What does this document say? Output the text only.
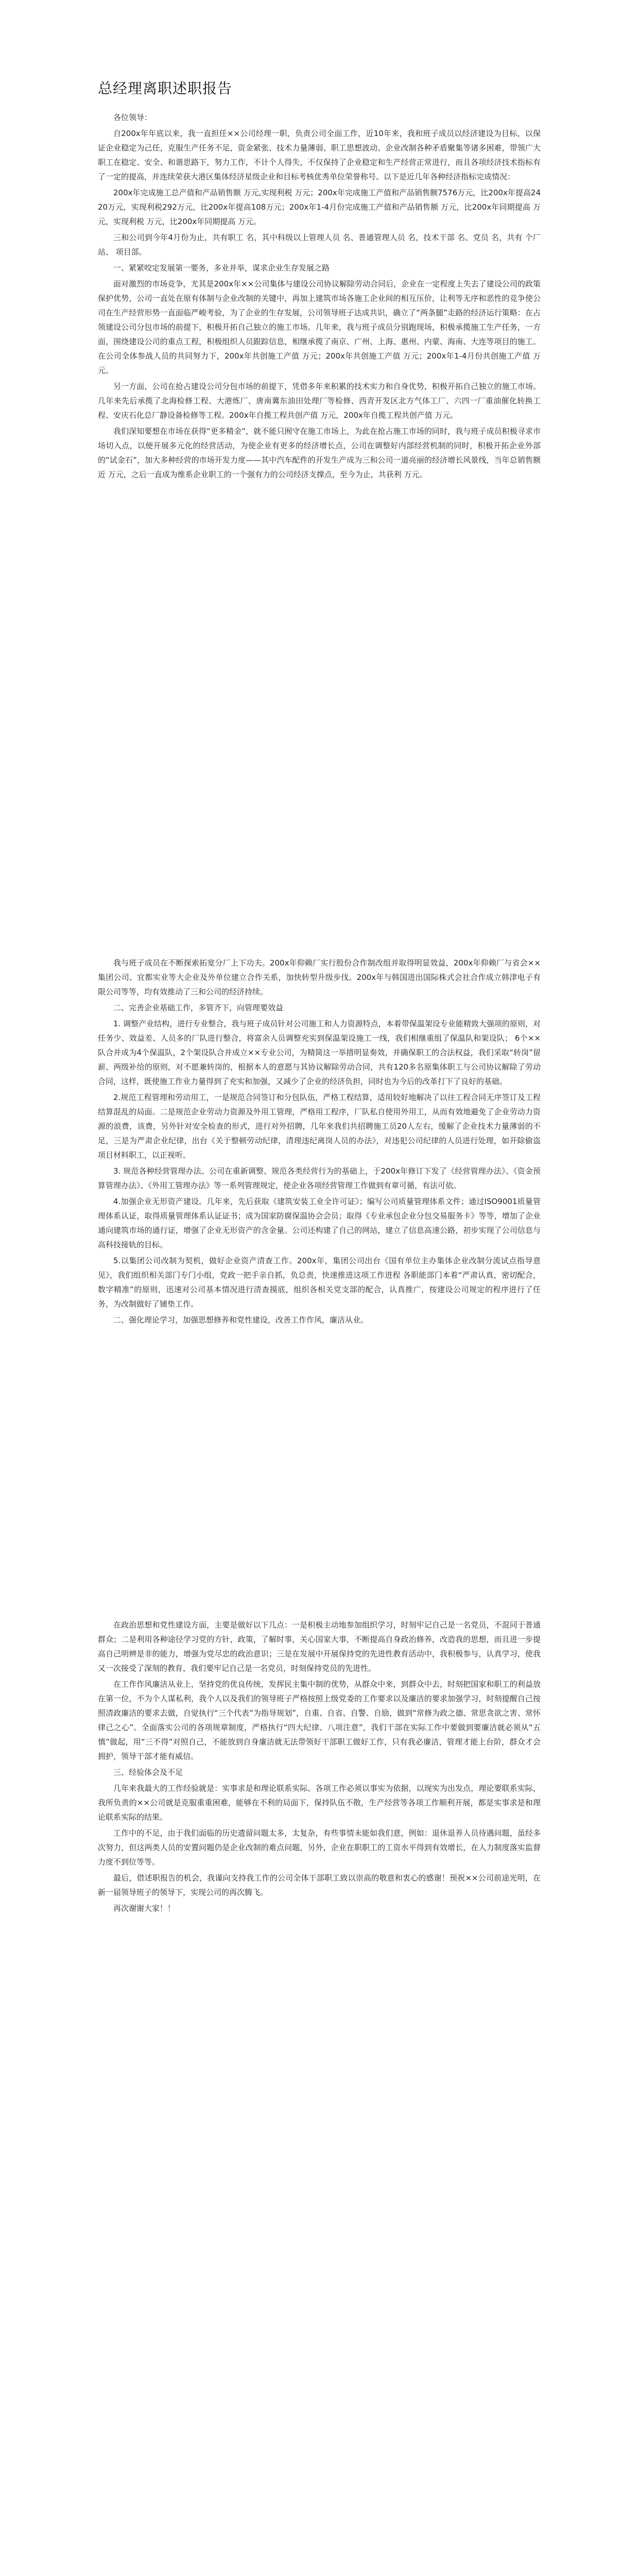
总经理离职述职报告

各位领导：

自200x年年底以来，我一直担任××公司经理一职，负责公司全面工作，近10年来，我和班子成员以经济建设为目标，以保证企业稳定为己任，克服生产任务不足，资金紧张、技术力量薄弱、职工思想波动、企业改制各种矛盾聚集等诸多困难，带领广大职工在稳定、安全、和谐思路下，努力工作，不计个人得失，不仅保持了企业稳定和生产经营正常进行，而且各项经济技术指标有了一定的提高，并连续荣获大港区集体经济星级企业和目标考核优秀单位荣誉称号。以下是近几年各种经济指标完成情况：

200x年完成施工总产值和产品销售额 万元,实现利税 万元；200x年完成施工产值和产品销售额7576万元，比200x年提高2420万元，实现利税292万元，比200x年提高108万元；200x年1-4月份完成施工产值和产品销售额 万元，比200x年同期提高 万元，实现利税 万元，比200x年同期提高 万元。

三和公司到今年4月份为止，共有职工 名，其中科级以上管理人员 名、普通管理人员 名，技术干部 名、党员 名，共有 个厂站、 项目部。

一、紧紧咬定发展第一要务，多业并举，谋求企业生存发展之路

面对激烈的市场竞争，尤其是200x年××公司集体与建设公司协议解除劳动合同后，企业在一定程度上失去了建设公司的政策保护优势，公司一直处在原有体制与企业改制的关键中，再加上建筑市场各施工企业间的相互压价，让利等无序和恶性的竞争使公司在生产经营形势一直面临严峻考验，为了企业的生存发展，公司领导班子达成共识，确立了“两条腿”走路的经济运行策略：在占领建设公司分包市场的前提下，积极开拓自己独立的施工市场。几年来，我与班子成员分别跑现场，积极承揽施工生产任务，一方面，围绕建设公司的重点工程，积极组织人员跟踪信息，相继承揽了南京、广州、上海、惠州、内蒙、海南、大连等项目的施工。在公司全体参战人员的共同努力下，200x年共创施工产值 万元；200x年共创施工产值 万元；200x年1-4月份共创施工产值 万元。

另一方面，公司在抢占建设公司分包市场的前提下，凭借多年来积累的技术实力和自身优势，积极开拓自己独立的施工市场。几年来先后承揽了北海检修工程、大港炼厂、唐南冀东油田处理厂等检修、西青开发区北方气体工厂、六四一厂重油催化转换工程、安庆石化总厂静设备检修等工程。200x年自揽工程共创产值 万元，200x年自揽工程共创产值 万元。

我们深知要想在市场在获得“更多精金”，就不能只囿守在施工市场上，为此在抢占施工市场的同时，我与班子成员积极寻求市场切入点，以便开展多元化的经营活动，为使企业有更多的经济增长点，公司在调整好内部经营机制的同时，积极开拓企业外部的“试金石”，加大多种经营的市场开发力度——其中汽车配件的开发生产成为三和公司一道亮丽的经济增长风景线，当年总销售额近 万元，之后一直成为维系企业职工的一个强有力的公司经济支撑点，至今为止，共获利 万元。

我与班子成员在不断探索拓宽分厂上下功夫。200x年仰赖厂实行股份合作制改组并取得明显效益，200x年仰赖厂与省会××集团公司、宜都实业等大企业及外单位建立合作关系，加快转型升级步伐。200x年与韩国进出国际株式会社合作成立韩津电子有限公司等等，均有效推动了三和公司的经济持续。

二、完善企业基础工作，多管齐下，向管理要效益

1. 调整产业结构，进行专业整合，我与班子成员针对公司施工和人力资源特点，本着带保温架设专业能精致大强项的原则，对任务少、效益差、人员多的厂队进行整合，将富余人员调整充实到保温架设施工一线，我们相继重组了保温队和架设队； 6个××队合并成为4个保温队，2个架设队合并成立××专业公司，为精简这一举措明显奏效，并确保职工的合法权益，我们采取“转岗”留薪、两级补给的原则，对不愿兼转岗的，根据本人的意愿与其协议解除劳动合同，共有120多名原集体职工与公司协议解除了劳动合同，这样，既使施工作业力量得到了充实和加强，又减少了企业的经济负担，同时也为今后的改革打下了良好的基础。

2.规范工程管理和劳动用工，一是规范合同签订和分包队伍，严格工程结算，适用较好地解决了以往工程合同无序签订及工程结算混乱的局面。二是规范企业劳动力资源及外用工管理，严格用工程序，厂队私自使用外用工，从而有效地避免了企业劳动力资源的浪费，该费，另外针对安全检查的形式，进行对外招聘，几年来我们共招聘施工员20人左右，缓解了企业技术力量薄弱的不足，三是为严肃企业纪律，出台《关于整顿劳动纪律，清理违纪离岗人员的办法》，对违犯公司纪律的人员进行处理，如开除偷盗项目材料职工，以正视听。

3. 规范各种经营管理办法。公司在重新调整、规范各类经营行为的基础上，于200x年修订下发了《经营管理办法》、《资金预算管理办法》、《外用工管理办法》等一系列管理规定，使企业各项经营管理工作做到有章可循，有法可依。

4.加强企业无形资产建设。几年来，先后获取《建筑安装工业全许可证》；编写公司质量管理体系文件；通过ISO9001质量管理体系认证，取得质量管理体系认证证书；成为国家防腐保温协会会员；取得《专业承包企业分包交易服务卡》等等，增加了企业通向建筑市场的通行证，增强了企业无形资产的含金量。公司还构建了自己的网站，建立了信息高速公路，初步实现了公司信息与高科技接轨的目标。

5.以集团公司改制为契机，做好企业资产清查工作。200x年，集团公司出台《国有单位主办集体企业改制分流试点指导意见》，我们组织相关部门专门小组，党政一把手亲自抓，负总责，快速推进这项工作进程 各职能部门本着“严肃认真，密切配合，数字精准”的原则，迅速对公司基本情况进行清查摸底，组织各相关党支部的配合，认真推广，按建设公司规定的程序进行了任务，为改制做好了铺垫工作。

二、强化理论学习，加强思想修养和党性建设，改善工作作风，廉洁从业。

在政治思想和党性建设方面，主要是做好以下几点：一是积极主动地参加组织学习，时刻牢记自己是一名党员，不混同于普通群众；二是利用各种途径学习党的方针，政策，了解时事，关心国家大事，不断提高自身政治修养，改造我的思想，而且进一步提高自己明辨是非的能力，增强为党尽忠的政治意识；三是在发展中开展保持党的先进性教育活动中，我积极参与，认真学习，使我又一次接受了深刻的教育，我们要牢记自己是一名党员，时刻保持党员的先进性。

在工作作风廉洁从业上，坚持党的优良传统，发挥民主集中制的优势，从群众中来，到群众中去，时刻把国家和职工的利益放在第一位，不为个人谋私利，我个人以及我们的领导班子严格按照上级党委的工作要求以及廉洁的要求加强学习，时刻提醒自己按照清政廉洁的要求去做，自觉执行“三个代表”为指导规划”，自重、自省、自警、自励，做到“常修为政之德、常思贪欲之害、常怀律己之心”。全面落实公司的各项规章制度，严格执行“四大纪律、八项注意”，我们干部在实际工作中要做到要廉洁就必须从“五慎”做起，用“三不得”对照自己，不能放到自身廉洁就无法带领好干部职工做好工作，只有我必廉洁，管理才能上台阶，群众才会拥护，领导干部才能有威信。

三、经验体会及不足

几年来我最大的工作经验就是：实事求是和理论联系实际。各项工作必须以事实为依据，以现实为出发点，理论要联系实际，我所负责的××公司就是克服重重困难，能够在不利的局面下，保持队伍不散，生产经营等各项工作顺利开展，都是实事求是和理论联系实际的结果。

工作中的不足，由于我们面临的历史遗留问题太多，太复杂，有些事情未能如我们意，例如：退休退养人员待遇问题，虽经多次努力，但这两类人员的安置问题仍是企业改制的难点问题，另外，企业在职职工的工资水平得到有效增长，在人力制度落实监督力度不到位等等。

最后，借述职报告的机会，我谨向支持我工作的公司全体干部职工致以崇高的敬意和衷心的感谢！预祝××公司前途光明，在新一届领导班子的领导下，实现公司的再次腾飞。

再次谢谢大家！！
